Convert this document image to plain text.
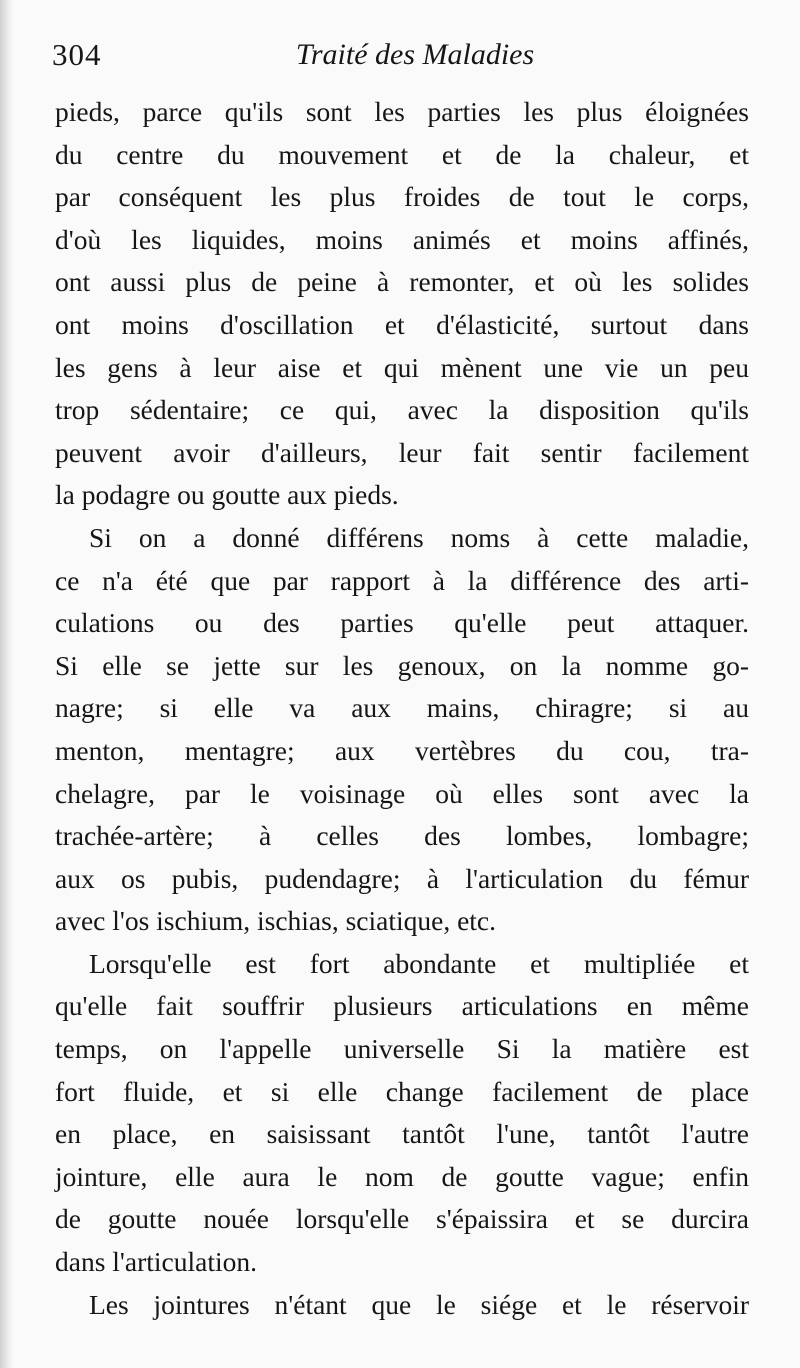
304	Traité des Maladies
pieds, parce qu'ils sont les parties les plus éloignées
du centre du mouvement et de la chaleur, et
par conséquent les plus froides de tout le corps,
d'où les liquides, moins animés et moins affinés,
ont aussi plus de peine à remonter, et où les solides
ont moins d'oscillation et d'élasticité, surtout dans
les gens à leur aise et qui mènent une vie un peu
trop sédentaire; ce qui, avec la disposition qu'ils
peuvent avoir d'ailleurs, leur fait sentir facilement
la podagre ou goutte aux pieds.
Si on a donné différens noms à cette maladie,
ce n'a été que par rapport à la différence des arti-
culations ou des parties qu'elle peut attaquer.
Si elle se jette sur les genoux, on la nomme go-
nagre; si elle va aux mains, chiragre; si au
menton, mentagre; aux vertèbres du cou, tra-
chelagre, par le voisinage où elles sont avec la
trachée-artère; à celles des lombes, lombagre;
aux os pubis, pudendagre; à l'articulation du fémur
avec l'os ischium, ischias, sciatique, etc.
Lorsqu'elle est fort abondante et multipliée et
qu'elle fait souffrir plusieurs articulations en même
temps, on l'appelle universelle Si la matière est
fort fluide, et si elle change facilement de place
en place, en saisissant tantôt l'une, tantôt l'autre
jointure, elle aura le nom de goutte vague; enfin
de goutte nouée lorsqu'elle s'épaissira et se durcira
dans l'articulation.
Les jointures n'étant que le siége et le réservoir
